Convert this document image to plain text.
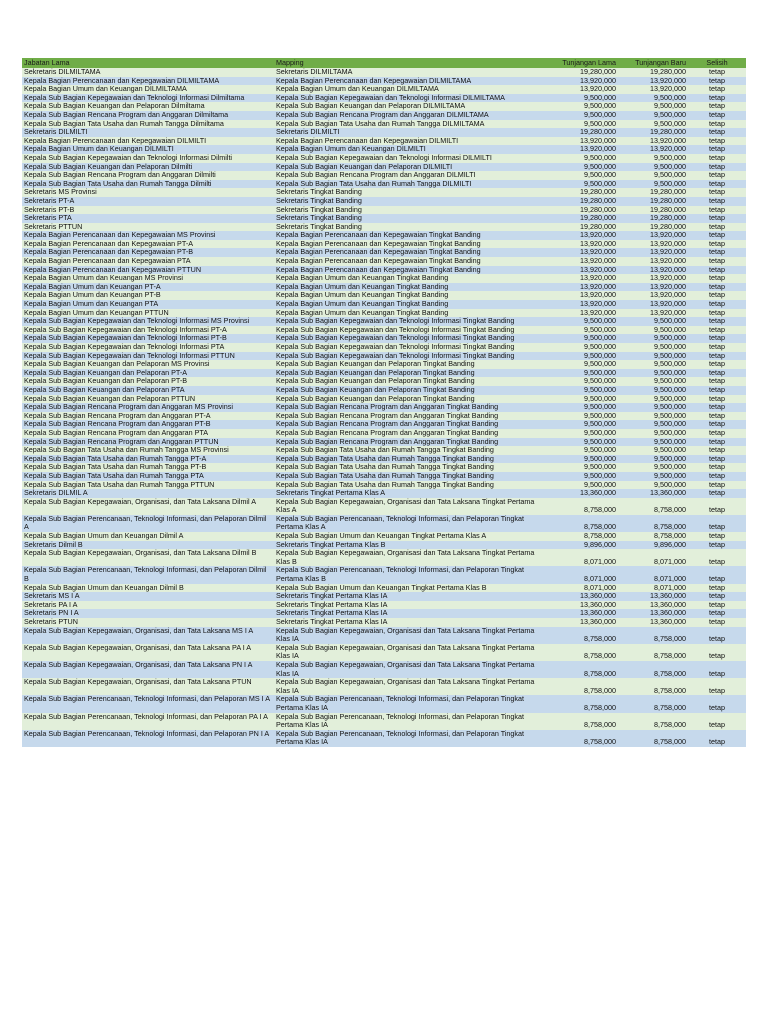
Jabatan Lama	Mapping	Tunjangan Lama	Tunjangan Baru	Selisih
Sekretaris DILMILTAMA	Sekretaris DILMILTAMA	19,280,000	19,280,000	tetap
Kepala Bagian Perencanaan dan Kepegawaian DILMILTAMA	Kepala Bagian Perencanaan dan Kepegawaian DILMILTAMA	13,920,000	13,920,000	tetap
Kepala Bagian Umum dan Keuangan DILMILTAMA	Kepala Bagian Umum dan Keuangan DILMILTAMA	13,920,000	13,920,000	tetap
Kepala Sub Bagian Kepegawaian dan Teknologi Informasi Dilmiltama	Kepala Sub Bagian Kepegawaian dan Teknologi Informasi DILMILTAMA	9,500,000	9,500,000	tetap
Kepala Sub Bagian Keuangan dan Pelaporan Dilmiltama	Kepala Sub Bagian Keuangan dan Pelaporan DILMILTAMA	9,500,000	9,500,000	tetap
Kepala Sub Bagian Rencana Program dan Anggaran Dilmiltama	Kepala Sub Bagian Rencana Program dan Anggaran DILMILTAMA	9,500,000	9,500,000	tetap
Kepala Sub Bagian Tata Usaha dan Rumah Tangga Dilmiltama	Kepala Sub Bagian Tata Usaha dan Rumah Tangga DILMILTAMA	9,500,000	9,500,000	tetap
Sekretaris DILMILTI	Sekretaris DILMILTI	19,280,000	19,280,000	tetap
Kepala Bagian Perencanaan dan Kepegawaian DILMILTI	Kepala Bagian Perencanaan dan Kepegawaian DILMILTI	13,920,000	13,920,000	tetap
Kepala Bagian Umum dan Keuangan DILMILTI	Kepala Bagian Umum dan Keuangan DILMILTI	13,920,000	13,920,000	tetap
Kepala Sub Bagian Kepegawaian dan Teknologi Informasi Dilmilti	Kepala Sub Bagian Kepegawaian dan Teknologi Informasi DILMILTI	9,500,000	9,500,000	tetap
Kepala Sub Bagian Keuangan dan Pelaporan Dilmilti	Kepala Sub Bagian Keuangan dan Pelaporan DILMILTI	9,500,000	9,500,000	tetap
Kepala Sub Bagian Rencana Program dan Anggaran Dilmilti	Kepala Sub Bagian Rencana Program dan Anggaran DILMILTI	9,500,000	9,500,000	tetap
Kepala Sub Bagian Tata Usaha dan Rumah Tangga Dilmilti	Kepala Sub Bagian Tata Usaha dan Rumah Tangga DILMILTI	9,500,000	9,500,000	tetap
Sekretaris MS Provinsi	Sekretaris Tingkat Banding	19,280,000	19,280,000	tetap
Sekretaris PT-A	Sekretaris Tingkat Banding	19,280,000	19,280,000	tetap
Sekretaris PT-B	Sekretaris Tingkat Banding	19,280,000	19,280,000	tetap
Sekretaris PTA	Sekretaris Tingkat Banding	19,280,000	19,280,000	tetap
Sekretaris PTTUN	Sekretaris Tingkat Banding	19,280,000	19,280,000	tetap
Kepala Bagian Perencanaan dan Kepegawaian MS Provinsi	Kepala Bagian Perencanaan dan Kepegawaian Tingkat Banding	13,920,000	13,920,000	tetap
Kepala Bagian Perencanaan dan Kepegawaian PT-A	Kepala Bagian Perencanaan dan Kepegawaian Tingkat Banding	13,920,000	13,920,000	tetap
Kepala Bagian Perencanaan dan Kepegawaian PT-B	Kepala Bagian Perencanaan dan Kepegawaian Tingkat Banding	13,920,000	13,920,000	tetap
Kepala Bagian Perencanaan dan Kepegawaian PTA	Kepala Bagian Perencanaan dan Kepegawaian Tingkat Banding	13,920,000	13,920,000	tetap
Kepala Bagian Perencanaan dan Kepegawaian PTTUN	Kepala Bagian Perencanaan dan Kepegawaian Tingkat Banding	13,920,000	13,920,000	tetap
Kepala Bagian Umum dan Keuangan MS Provinsi	Kepala Bagian Umum dan Keuangan Tingkat Banding	13,920,000	13,920,000	tetap
Kepala Bagian Umum dan Keuangan PT-A	Kepala Bagian Umum dan Keuangan Tingkat Banding	13,920,000	13,920,000	tetap
Kepala Bagian Umum dan Keuangan PT-B	Kepala Bagian Umum dan Keuangan Tingkat Banding	13,920,000	13,920,000	tetap
Kepala Bagian Umum dan Keuangan PTA	Kepala Bagian Umum dan Keuangan Tingkat Banding	13,920,000	13,920,000	tetap
Kepala Bagian Umum dan Keuangan PTTUN	Kepala Bagian Umum dan Keuangan Tingkat Banding	13,920,000	13,920,000	tetap
Kepala Sub Bagian Kepegawaian dan Teknologi Informasi MS Provinsi	Kepala Sub Bagian Kepegawaian dan Teknologi Informasi Tingkat Banding	9,500,000	9,500,000	tetap
Kepala Sub Bagian Kepegawaian dan Teknologi Informasi PT-A	Kepala Sub Bagian Kepegawaian dan Teknologi Informasi Tingkat Banding	9,500,000	9,500,000	tetap
Kepala Sub Bagian Kepegawaian dan Teknologi Informasi PT-B	Kepala Sub Bagian Kepegawaian dan Teknologi Informasi Tingkat Banding	9,500,000	9,500,000	tetap
Kepala Sub Bagian Kepegawaian dan Teknologi Informasi PTA	Kepala Sub Bagian Kepegawaian dan Teknologi Informasi Tingkat Banding	9,500,000	9,500,000	tetap
Kepala Sub Bagian Kepegawaian dan Teknologi Informasi PTTUN	Kepala Sub Bagian Kepegawaian dan Teknologi Informasi Tingkat Banding	9,500,000	9,500,000	tetap
Kepala Sub Bagian Keuangan dan Pelaporan MS Provinsi	Kepala Sub Bagian Keuangan dan Pelaporan Tingkat Banding	9,500,000	9,500,000	tetap
Kepala Sub Bagian Keuangan dan Pelaporan PT-A	Kepala Sub Bagian Keuangan dan Pelaporan Tingkat Banding	9,500,000	9,500,000	tetap
Kepala Sub Bagian Keuangan dan Pelaporan PT-B	Kepala Sub Bagian Keuangan dan Pelaporan Tingkat Banding	9,500,000	9,500,000	tetap
Kepala Sub Bagian Keuangan dan Pelaporan PTA	Kepala Sub Bagian Keuangan dan Pelaporan Tingkat Banding	9,500,000	9,500,000	tetap
Kepala Sub Bagian Keuangan dan Pelaporan PTTUN	Kepala Sub Bagian Keuangan dan Pelaporan Tingkat Banding	9,500,000	9,500,000	tetap
Kepala Sub Bagian Rencana Program dan Anggaran MS Provinsi	Kepala Sub Bagian Rencana Program dan Anggaran Tingkat Banding	9,500,000	9,500,000	tetap
Kepala Sub Bagian Rencana Program dan Anggaran PT-A	Kepala Sub Bagian Rencana Program dan Anggaran Tingkat Banding	9,500,000	9,500,000	tetap
Kepala Sub Bagian Rencana Program dan Anggaran PT-B	Kepala Sub Bagian Rencana Program dan Anggaran Tingkat Banding	9,500,000	9,500,000	tetap
Kepala Sub Bagian Rencana Program dan Anggaran PTA	Kepala Sub Bagian Rencana Program dan Anggaran Tingkat Banding	9,500,000	9,500,000	tetap
Kepala Sub Bagian Rencana Program dan Anggaran PTTUN	Kepala Sub Bagian Rencana Program dan Anggaran Tingkat Banding	9,500,000	9,500,000	tetap
Kepala Sub Bagian Tata Usaha dan Rumah Tangga MS Provinsi	Kepala Sub Bagian Tata Usaha dan Rumah Tangga Tingkat Banding	9,500,000	9,500,000	tetap
Kepala Sub Bagian Tata Usaha dan Rumah Tangga PT-A	Kepala Sub Bagian Tata Usaha dan Rumah Tangga Tingkat Banding	9,500,000	9,500,000	tetap
Kepala Sub Bagian Tata Usaha dan Rumah Tangga PT-B	Kepala Sub Bagian Tata Usaha dan Rumah Tangga Tingkat Banding	9,500,000	9,500,000	tetap
Kepala Sub Bagian Tata Usaha dan Rumah Tangga PTA	Kepala Sub Bagian Tata Usaha dan Rumah Tangga Tingkat Banding	9,500,000	9,500,000	tetap
Kepala Sub Bagian Tata Usaha dan Rumah Tangga PTTUN	Kepala Sub Bagian Tata Usaha dan Rumah Tangga Tingkat Banding	9,500,000	9,500,000	tetap
Sekretaris DILMIL A	Sekretaris Tingkat Pertama Klas A	13,360,000	13,360,000	tetap
Kepala Sub Bagian Kepegawaian, Organisasi, dan Tata Laksana Dilmil A	Kepala Sub Bagian Kepegawaian, Organisasi dan Tata Laksana Tingkat Pertama Klas A	8,758,000	8,758,000	tetap
Kepala Sub Bagian Perencanaan, Teknologi Informasi, dan Pelaporan Dilmil A	Kepala Sub Bagian Perencanaan, Teknologi Informasi, dan Pelaporan Tingkat Pertama Klas A	8,758,000	8,758,000	tetap
Kepala Sub Bagian Umum dan Keuangan Dilmil A	Kepala Sub Bagian Umum dan Keuangan Tingkat Pertama Klas A	8,758,000	8,758,000	tetap
Sekretaris Dilmil B	Sekretaris Tingkat Pertama Klas B	9,896,000	9,896,000	tetap
Kepala Sub Bagian Kepegawaian, Organisasi, dan Tata Laksana Dilmil B	Kepala Sub Bagian Kepegawaian, Organisasi dan Tata Laksana Tingkat Pertama Klas B	8,071,000	8,071,000	tetap
Kepala Sub Bagian Perencanaan, Teknologi Informasi, dan Pelaporan Dilmil B	Kepala Sub Bagian Perencanaan, Teknologi Informasi, dan Pelaporan Tingkat Pertama Klas B	8,071,000	8,071,000	tetap
Kepala Sub Bagian Umum dan Keuangan Dilmil B	Kepala Sub Bagian Umum dan Keuangan Tingkat Pertama Klas B	8,071,000	8,071,000	tetap
Sekretaris MS I A	Sekretaris Tingkat Pertama Klas IA	13,360,000	13,360,000	tetap
Sekretaris PA I A	Sekretaris Tingkat Pertama Klas IA	13,360,000	13,360,000	tetap
Sekretaris PN I A	Sekretaris Tingkat Pertama Klas IA	13,360,000	13,360,000	tetap
Sekretaris PTUN	Sekretaris Tingkat Pertama Klas IA	13,360,000	13,360,000	tetap
Kepala Sub Bagian Kepegawaian, Organisasi, dan Tata Laksana MS I A	Kepala Sub Bagian Kepegawaian, Organisasi dan Tata Laksana Tingkat Pertama Klas IA	8,758,000	8,758,000	tetap
Kepala Sub Bagian Kepegawaian, Organisasi, dan Tata Laksana PA I A	Kepala Sub Bagian Kepegawaian, Organisasi dan Tata Laksana Tingkat Pertama Klas IA	8,758,000	8,758,000	tetap
Kepala Sub Bagian Kepegawaian, Organisasi, dan Tata Laksana PN I A	Kepala Sub Bagian Kepegawaian, Organisasi dan Tata Laksana Tingkat Pertama Klas IA	8,758,000	8,758,000	tetap
Kepala Sub Bagian Kepegawaian, Organisasi, dan Tata Laksana PTUN	Kepala Sub Bagian Kepegawaian, Organisasi dan Tata Laksana Tingkat Pertama Klas IA	8,758,000	8,758,000	tetap
Kepala Sub Bagian Perencanaan, Teknologi Informasi, dan Pelaporan MS I A	Kepala Sub Bagian Perencanaan, Teknologi Informasi, dan Pelaporan Tingkat Pertama Klas IA	8,758,000	8,758,000	tetap
Kepala Sub Bagian Perencanaan, Teknologi Informasi, dan Pelaporan PA I A	Kepala Sub Bagian Perencanaan, Teknologi Informasi, dan Pelaporan Tingkat Pertama Klas IA	8,758,000	8,758,000	tetap
Kepala Sub Bagian Perencanaan, Teknologi Informasi, dan Pelaporan PN I A	Kepala Sub Bagian Perencanaan, Teknologi Informasi, dan Pelaporan Tingkat Pertama Klas IA	8,758,000	8,758,000	tetap
